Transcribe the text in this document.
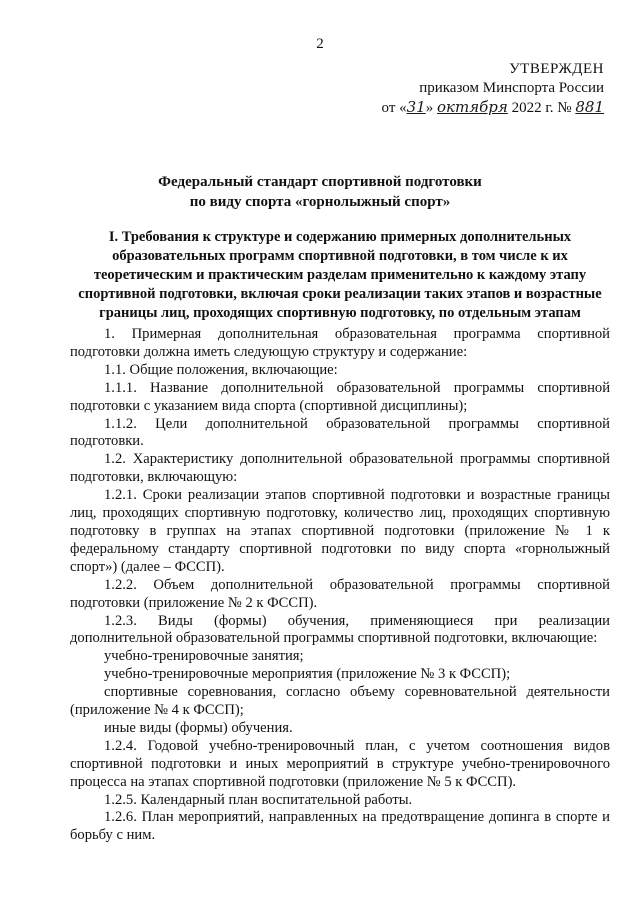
2
УТВЕРЖДЕН
приказом Минспорта России
от «31» октября 2022 г. № 881
Федеральный стандарт спортивной подготовки
по виду спорта «горнолыжный спорт»
I. Требования к структуре и содержанию примерных дополнительных образовательных программ спортивной подготовки, в том числе к их теоретическим и практическим разделам применительно к каждому этапу спортивной подготовки, включая сроки реализации таких этапов и возрастные границы лиц, проходящих спортивную подготовку, по отдельным этапам

1. Примерная дополнительная образовательная программа спортивной подготовки должна иметь следующую структуру и содержание:

1.1. Общие положения, включающие:

1.1.1. Название дополнительной образовательной программы спортивной подготовки с указанием вида спорта (спортивной дисциплины);

1.1.2. Цели дополнительной образовательной программы спортивной подготовки.

1.2. Характеристику дополнительной образовательной программы спортивной подготовки, включающую:

1.2.1. Сроки реализации этапов спортивной подготовки и возрастные границы лиц, проходящих спортивную подготовку, количество лиц, проходящих спортивную подготовку в группах на этапах спортивной подготовки (приложение № 1 к федеральному стандарту спортивной подготовки по виду спорта «горнолыжный спорт») (далее – ФССП).

1.2.2. Объем дополнительной образовательной программы спортивной подготовки (приложение № 2 к ФССП).

1.2.3. Виды (формы) обучения, применяющиеся при реализации дополнительной образовательной программы спортивной подготовки, включающие:

учебно-тренировочные занятия;

учебно-тренировочные мероприятия (приложение № 3 к ФССП);

спортивные соревнования, согласно объему соревновательной деятельности (приложение № 4 к ФССП);

иные виды (формы) обучения.

1.2.4. Годовой учебно-тренировочный план, с учетом соотношения видов спортивной подготовки и иных мероприятий в структуре учебно-тренировочного процесса на этапах спортивной подготовки (приложение № 5 к ФССП).

1.2.5. Календарный план воспитательной работы.

1.2.6. План мероприятий, направленных на предотвращение допинга в спорте и борьбу с ним.
